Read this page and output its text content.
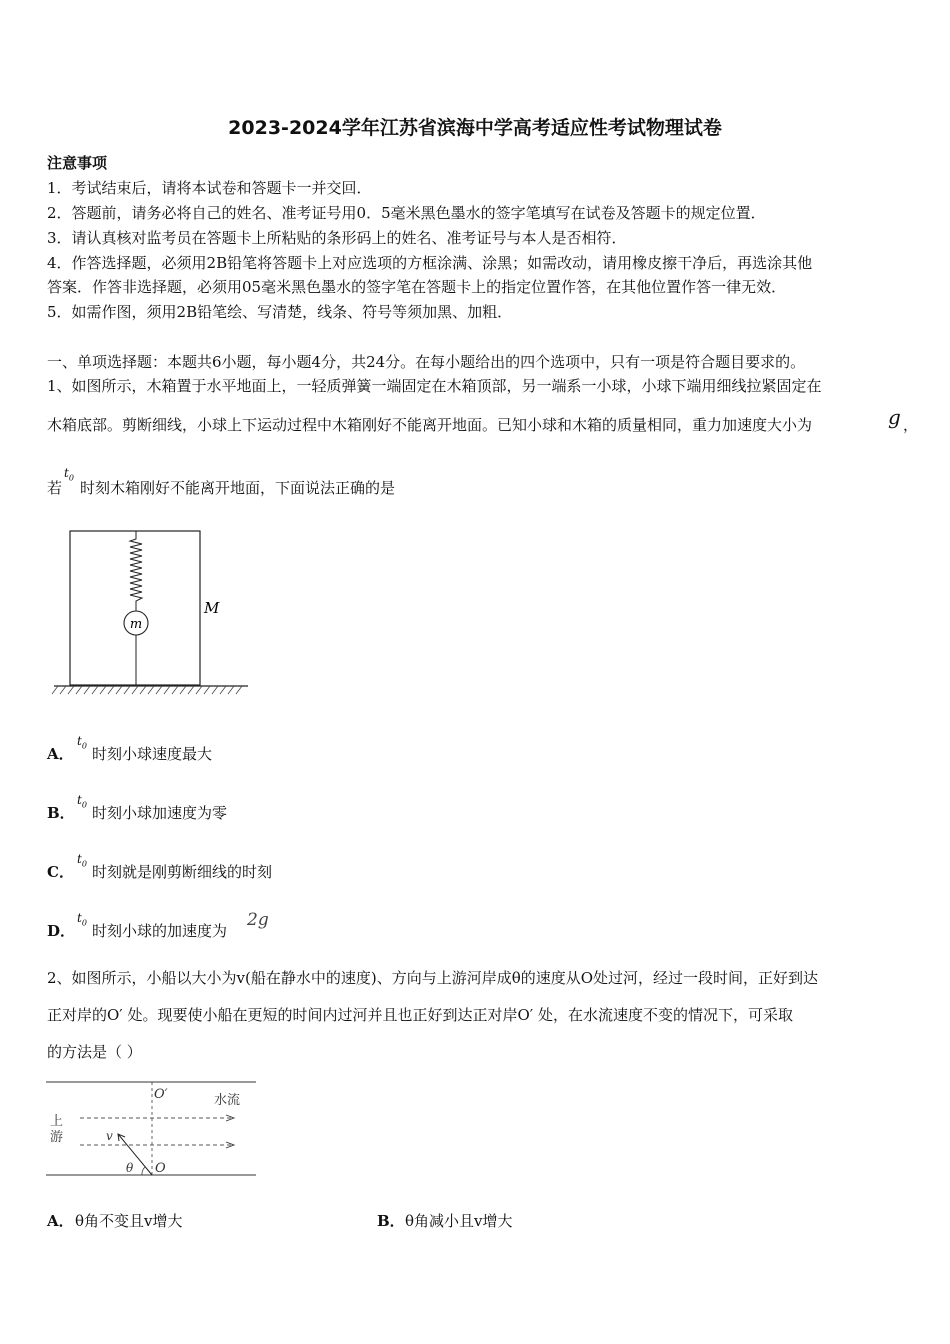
2023-2024学年江苏省滨海中学高考适应性考试物理试卷
注意事项
1．考试结束后，请将本试卷和答题卡一并交回．
2．答题前，请务必将自己的姓名、准考证号用0．5毫米黑色墨水的签字笔填写在试卷及答题卡的规定位置．
3．请认真核对监考员在答题卡上所粘贴的条形码上的姓名、准考证号与本人是否相符．
4．作答选择题，必须用2B铅笔将答题卡上对应选项的方框涂满、涂黑；如需改动，请用橡皮擦干净后，再选涂其他
答案．作答非选择题，必须用05毫米黑色墨水的签字笔在答题卡上的指定位置作答，在其他位置作答一律无效．
5．如需作图，须用2B铅笔绘、写清楚，线条、符号等须加黑、加粗．
一、单项选择题：本题共6小题，每小题4分，共24分。在每小题给出的四个选项中，只有一项是符合题目要求的。
1、如图所示，木箱置于水平地面上，一轻质弹簧一端固定在木箱顶部，另一端系一小球，小球下端用细线拉紧固定在
木箱底部。剪断细线，小球上下运动过程中木箱刚好不能离开地面。已知小球和木箱的质量相同，重力加速度大小为	g ，
若
$t_0$
时刻木箱刚好不能离开地面，下面说法正确的是
m
M
A．
$t_0$ 时刻小球速度最大
B．
$t_0$ 时刻小球加速度为零
C．
$t_0$ 时刻就是刚剪断细线的时刻
D．
$t_0$ 时刻小球的加速度为
2g
2、如图所示，小船以大小为v(船在静水中的速度)、方向与上游河岸成θ的速度从O处过河，经过一段时间，正好到达
正对岸的O′ 处。现要使小船在更短的时间内过河并且也正好到达正对岸O′ 处，在水流速度不变的情况下，可采取
的方法是（ ）
O′	水流
上
游	v
θ O
A． θ角不变且v增大	B． θ角减小且v增大
